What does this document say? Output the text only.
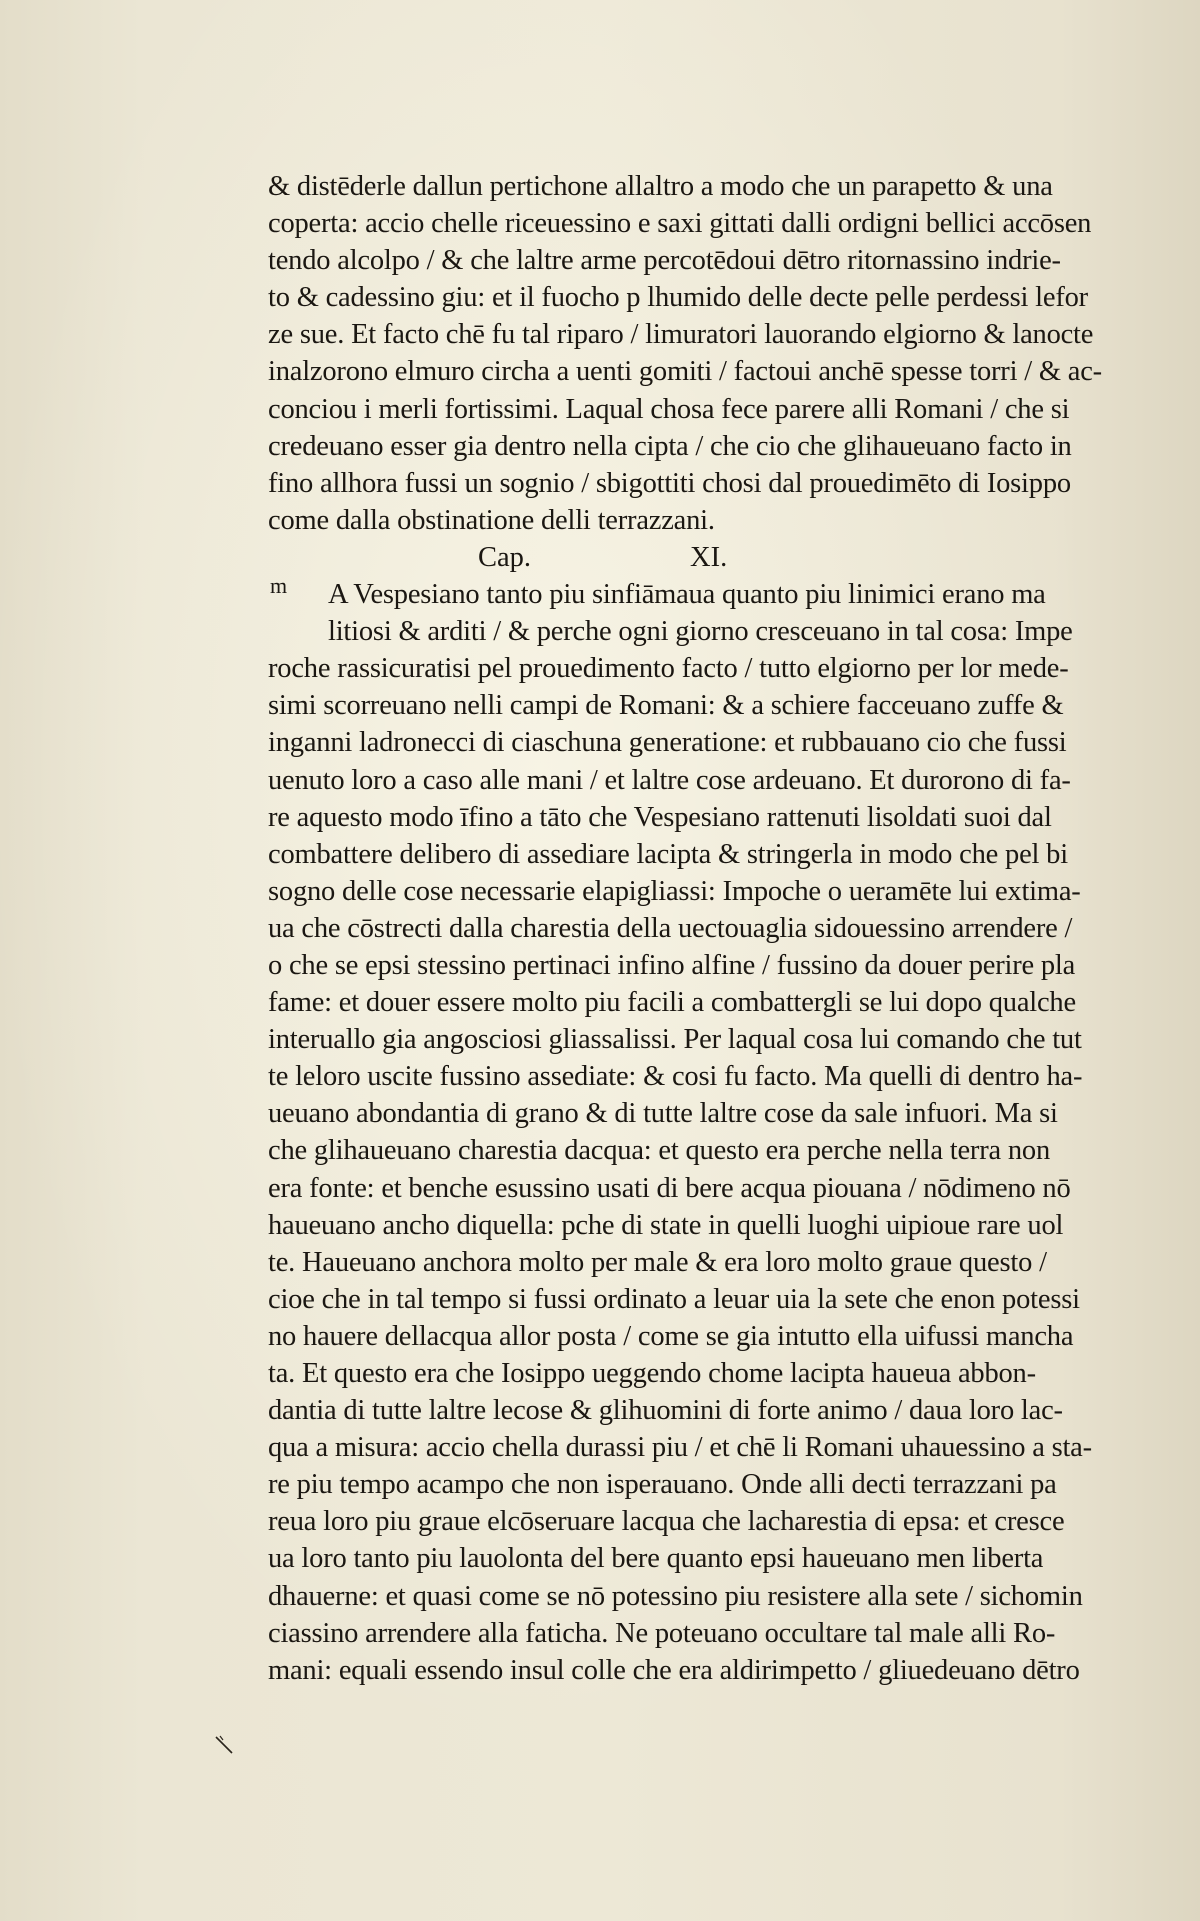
& distēderle dallun pertichone allaltro a modo che un parapetto & una
coperta: accio chelle riceuessino e saxi gittati dalli ordigni bellici accōsen
tendo alcolpo / & che laltre arme percotēdoui dētro ritornassino indrie-
to & cadessino giu: et il fuocho p lhumido delle decte pelle perdessi lefor
ze sue. Et facto chē fu tal riparo / limuratori lauorando elgiorno & lanocte
inalzorono elmuro circha a uenti gomiti / factoui anchē spesse torri / & ac-
conciou i merli fortissimi. Laqual chosa fece parere alli Romani / che si
credeuano esser gia dentro nella cipta / che cio che glihaueuano facto in
fino allhora fussi un sognio / sbigottiti chosi dal prouedimēto di Iosippo
come dalla obstinatione delli terrazzani.
Cap.	XI.
A Vespesiano tanto piu sinfiāmaua quanto piu linimici erano ma
litiosi & arditi / & perche ogni giorno cresceuano in tal cosa: Impe
roche rassicuratisi pel prouedimento facto / tutto elgiorno per lor mede-
simi scorreuano nelli campi de Romani: & a schiere facceuano zuffe &
inganni ladronecci di ciaschuna generatione: et rubbauano cio che fussi
uenuto loro a caso alle mani / et laltre cose ardeuano. Et durorono di fa-
re aquesto modo īfino a tāto che Vespesiano rattenuti lisoldati suoi dal
combattere delibero di assediare lacipta & stringerla in modo che pel bi
sogno delle cose necessarie elapigliassi: Impoche o ueramēte lui extima-
ua che cōstrecti dalla charestia della uectouaglia sidouessino arrendere /
o che se epsi stessino pertinaci infino alfine / fussino da douer perire pla
fame: et douer essere molto piu facili a combattergli se lui dopo qualche
interuallo gia angosciosi gliassalissi. Per laqual cosa lui comando che tut
te leloro uscite fussino assediate: & cosi fu facto. Ma quelli di dentro ha-
ueuano abondantia di grano & di tutte laltre cose da sale infuori. Ma si
che glihaueuano charestia dacqua: et questo era perche nella terra non
era fonte: et benche esussino usati di bere acqua piouana / nōdimeno nō
haueuano ancho diquella: pche di state in quelli luoghi uipioue rare uol
te. Haueuano anchora molto per male & era loro molto graue questo /
cioe che in tal tempo si fussi ordinato a leuar uia la sete che enon potessi
no hauere dellacqua allor posta / come se gia intutto ella uifussi mancha
ta. Et questo era che Iosippo ueggendo chome lacipta haueua abbon-
dantia di tutte laltre lecose & glihuomini di forte animo / daua loro lac-
qua a misura: accio chella durassi piu / et chē li Romani uhauessino a sta-
re piu tempo acampo che non isperauano. Onde alli decti terrazzani pa
reua loro piu graue elcōseruare lacqua che lacharestia di epsa: et cresce
ua loro tanto piu lauolonta del bere quanto epsi haueuano men liberta
dhauerne: et quasi come se nō potessino piu resistere alla sete / sichomin
ciassino arrendere alla faticha. Ne poteuano occultare tal male alli Ro-
mani: equali essendo insul colle che era aldirimpetto / gliuedeuano dētro
m
